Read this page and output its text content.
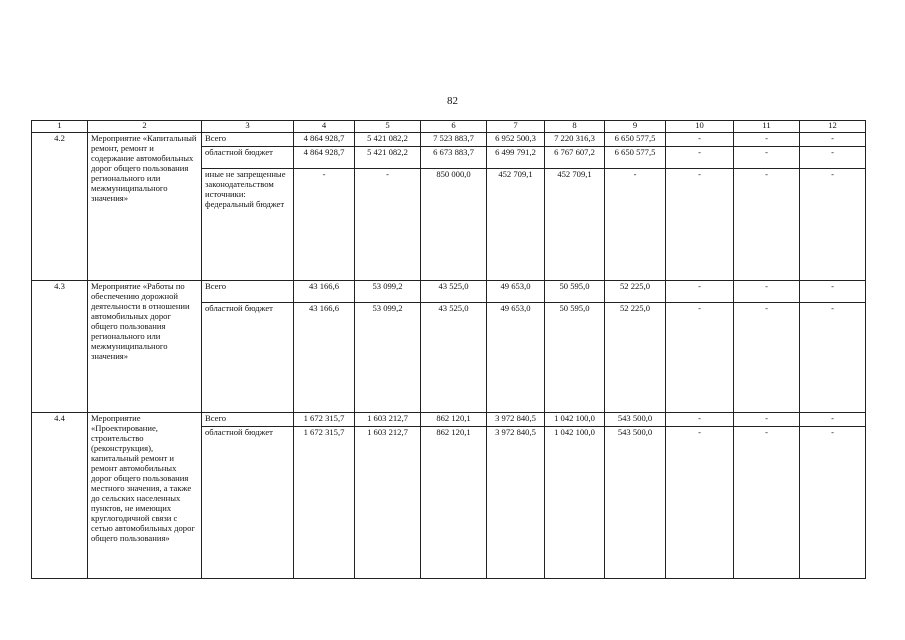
82
1	2	3	4	5	6	7	8	9	10	11	12
4.2	Мероприятие «Капитальный ремонт, ремонт и содержание автомобильных дорог общего пользования регионального или межмуниципального значения»	Всего	4 864 928,7	5 421 082,2	7 523 883,7	6 952 500,3	7 220 316,3	6 650 577,5	-	-	-
		областной бюджет	4 864 928,7	5 421 082,2	6 673 883,7	6 499 791,2	6 767 607,2	6 650 577,5	-	-	-
		иные не запрещенные законодательством источники: федеральный бюджет	-	-	850 000,0	452 709,1	452 709,1	-	-	-	-
4.3	Мероприятие «Работы по обеспечению дорожной деятельности в отношении автомобильных дорог общего пользования регионального или межмуниципального значения»	Всего	43 166,6	53 099,2	43 525,0	49 653,0	50 595,0	52 225,0	-	-	-
		областной бюджет	43 166,6	53 099,2	43 525,0	49 653,0	50 595,0	52 225,0	-	-	-
4.4	Мероприятие «Проектирование, строительство (реконструкция), капитальный ремонт и ремонт автомобильных дорог общего пользования местного значения, а также до сельских населенных пунктов, не имеющих круглогодичной связи с сетью автомобильных дорог общего пользования»	Всего	1 672 315,7	1 603 212,7	862 120,1	3 972 840,5	1 042 100,0	543 500,0	-	-	-
		областной бюджет	1 672 315,7	1 603 212,7	862 120,1	3 972 840,5	1 042 100,0	543 500,0	-	-	-
